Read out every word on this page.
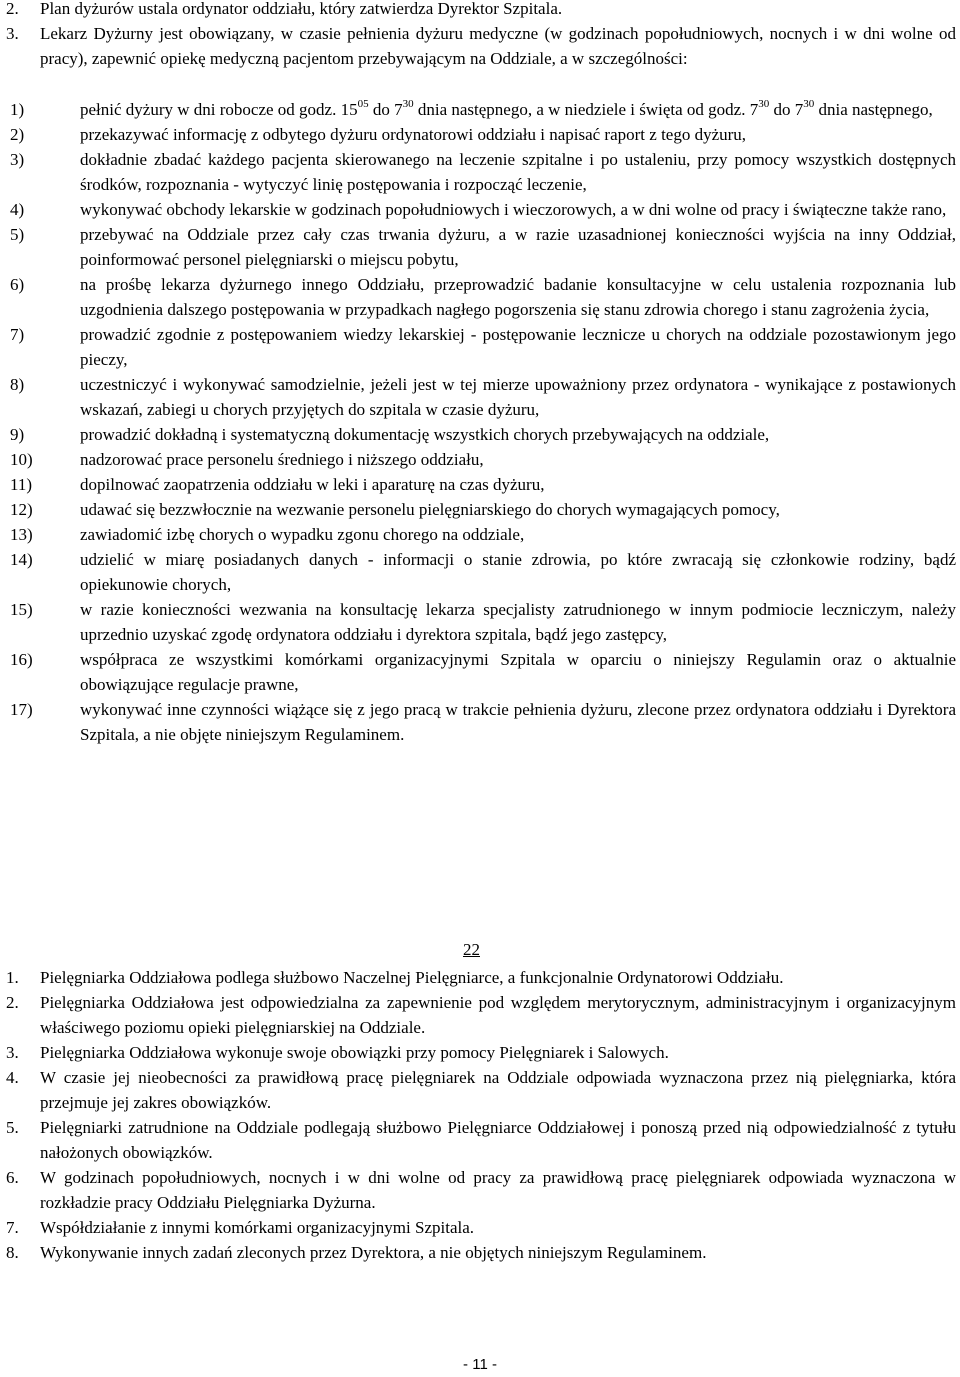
2. Plan dyżurów ustala ordynator oddziału, który zatwierdza Dyrektor Szpitala.
3. Lekarz Dyżurny jest obowiązany, w czasie pełnienia dyżuru medyczne (w godzinach popołudniowych, nocnych i w dni wolne od pracy), zapewnić opiekę medyczną pacjentom przebywającym na Oddziale, a w szczególności:
1)	pełnić dyżury w dni robocze od godz. $15^{05}$ do $7^{30}$ dnia następnego, a w niedziele i święta od godz. $7^{30}$ do $7^{30}$ dnia następnego,
2)	przekazywać informację z odbytego dyżuru ordynatorowi oddziału i napisać raport z tego dyżuru,
3)	dokładnie zbadać każdego pacjenta skierowanego na leczenie szpitalne i po ustaleniu, przy pomocy wszystkich dostępnych środków, rozpoznania - wytyczyć linię postępowania i rozpocząć leczenie,
4)	wykonywać obchody lekarskie w godzinach popołudniowych i wieczorowych, a w dni wolne od pracy i świąteczne także rano,
5)	przebywać na Oddziale przez cały czas trwania dyżuru, a w razie uzasadnionej konieczności wyjścia na inny Oddział, poinformować personel pielęgniarski o miejscu pobytu,
6)	na prośbę lekarza dyżurnego innego Oddziału, przeprowadzić badanie konsultacyjne w celu ustalenia rozpoznania lub uzgodnienia dalszego postępowania w przypadkach nagłego pogorszenia się stanu zdrowia chorego i stanu zagrożenia życia,
7)	prowadzić zgodnie z postępowaniem wiedzy lekarskiej - postępowanie lecznicze u chorych na oddziale pozostawionym jego pieczy,
8)	uczestniczyć i wykonywać samodzielnie, jeżeli jest w tej mierze upoważniony przez ordynatora - wynikające z postawionych wskazań, zabiegi u chorych przyjętych do szpitala w czasie dyżuru,
9)	prowadzić dokładną i systematyczną dokumentację wszystkich chorych przebywających na oddziale,
10)	nadzorować prace personelu średniego i niższego oddziału,
11)	dopilnować zaopatrzenia oddziału w leki i aparaturę na czas dyżuru,
12)	udawać się bezzwłocznie na wezwanie personelu pielęgniarskiego do chorych wymagających pomocy,
13)	zawiadomić izbę chorych o wypadku zgonu chorego na oddziale,
14)	udzielić w miarę posiadanych danych - informacji o stanie zdrowia, po które zwracają się członkowie rodziny, bądź opiekunowie chorych,
15)	w razie konieczności wezwania na konsultację lekarza specjalisty zatrudnionego w innym podmiocie leczniczym, należy uprzednio uzyskać zgodę ordynatora oddziału i dyrektora szpitala, bądź jego zastępcy,
16)	współpraca ze wszystkimi komórkami organizacyjnymi Szpitala w oparciu o niniejszy Regulamin oraz o aktualnie obowiązujące regulacje prawne,
17)	wykonywać inne czynności wiążące się z jego pracą w trakcie pełnienia dyżuru, zlecone przez ordynatora oddziału i Dyrektora Szpitala, a nie objęte niniejszym Regulaminem.
22
1. Pielęgniarka Oddziałowa podlega służbowo Naczelnej Pielęgniarce, a funkcjonalnie Ordynatorowi Oddziału.
2. Pielęgniarka Oddziałowa jest odpowiedzialna za zapewnienie pod względem merytorycznym, administracyjnym i organizacyjnym właściwego poziomu opieki pielęgniarskiej na Oddziale.
3. Pielęgniarka Oddziałowa wykonuje swoje obowiązki przy pomocy Pielęgniarek i Salowych.
4. W czasie jej nieobecności za prawidłową pracę pielęgniarek na Oddziale odpowiada wyznaczona przez nią pielęgniarka, która przejmuje jej zakres obowiązków.
5. Pielęgniarki zatrudnione na Oddziale podlegają służbowo Pielęgniarce Oddziałowej i ponoszą przed nią odpowiedzialność z tytułu nałożonych obowiązków.
6. W godzinach popołudniowych, nocnych i w dni wolne od pracy za prawidłową pracę pielęgniarek odpowiada wyznaczona w rozkładzie pracy Oddziału Pielęgniarka Dyżurna.
7. Współdziałanie z innymi komórkami organizacyjnymi Szpitala.
8. Wykonywanie innych zadań zleconych przez Dyrektora, a nie objętych niniejszym Regulaminem.
- 11 -
